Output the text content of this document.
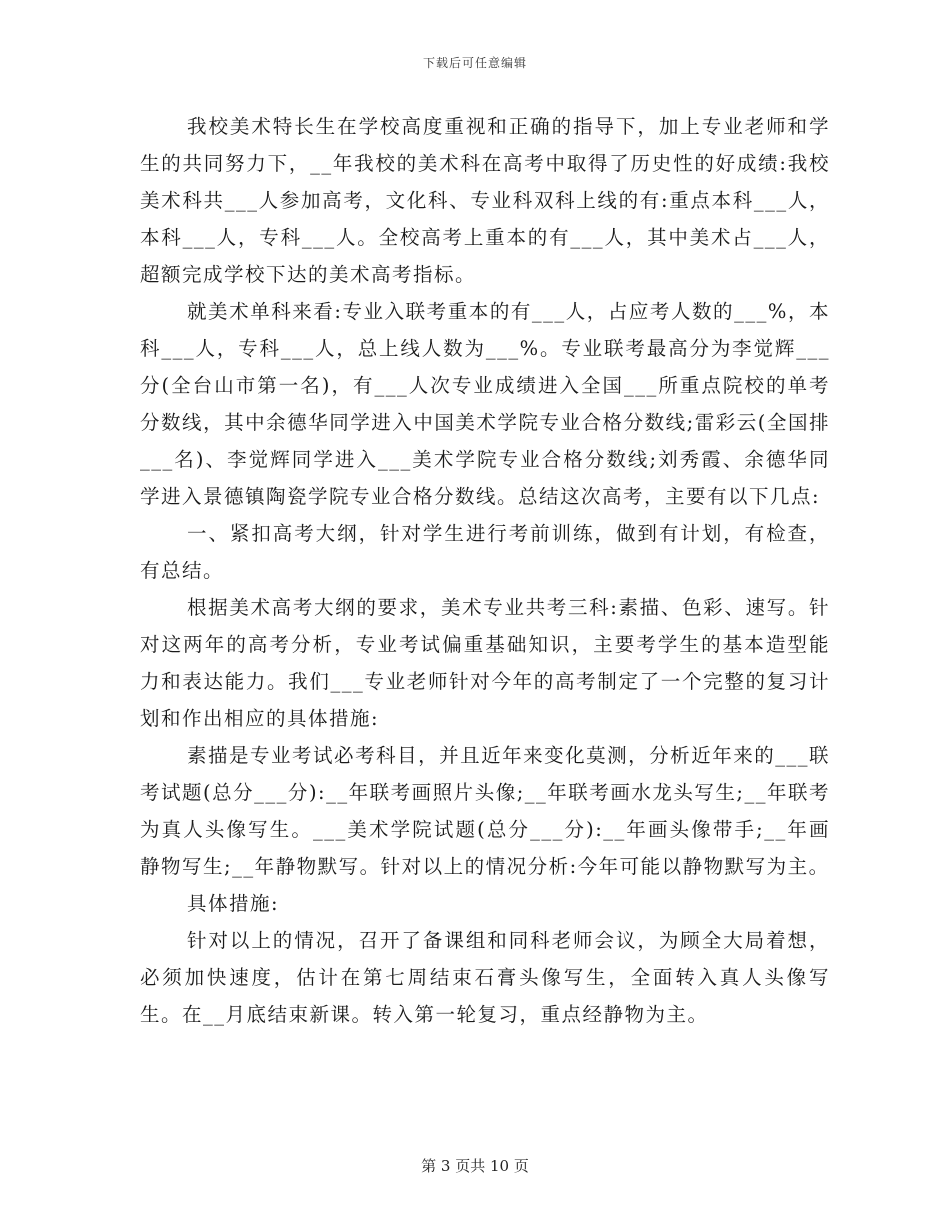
下载后可任意编辑

我校美术特长生在学校高度重视和正确的指导下，加上专业老师和学生的共同努力下，__年我校的美术科在高考中取得了历史性的好成绩:我校美术科共___人参加高考，文化科、专业科双科上线的有:重点本科___人，本科___人，专科___人。全校高考上重本的有___人，其中美术占___人，超额完成学校下达的美术高考指标。

就美术单科来看:专业入联考重本的有___人，占应考人数的___%，本科___人，专科___人，总上线人数为___%。专业联考最高分为李觉辉___分(全台山市第一名)，有___人次专业成绩进入全国___所重点院校的单考分数线，其中余德华同学进入中国美术学院专业合格分数线;雷彩云(全国排___名)、李觉辉同学进入___美术学院专业合格分数线;刘秀霞、余德华同学进入景德镇陶瓷学院专业合格分数线。总结这次高考，主要有以下几点:

一、紧扣高考大纲，针对学生进行考前训练，做到有计划，有检查，有总结。

根据美术高考大纲的要求，美术专业共考三科:素描、色彩、速写。针对这两年的高考分析，专业考试偏重基础知识，主要考学生的基本造型能力和表达能力。我们___专业老师针对今年的高考制定了一个完整的复习计划和作出相应的具体措施:

素描是专业考试必考科目，并且近年来变化莫测，分析近年来的___联考试题(总分___分):__年联考画照片头像;__年联考画水龙头写生;__年联考为真人头像写生。___美术学院试题(总分___分):__年画头像带手;__年画静物写生;__年静物默写。针对以上的情况分析:今年可能以静物默写为主。

具体措施:

针对以上的情况，召开了备课组和同科老师会议，为顾全大局着想，必须加快速度，估计在第七周结束石膏头像写生，全面转入真人头像写生。在__月底结束新课。转入第一轮复习，重点经静物为主。

第 3 页共 10 页
